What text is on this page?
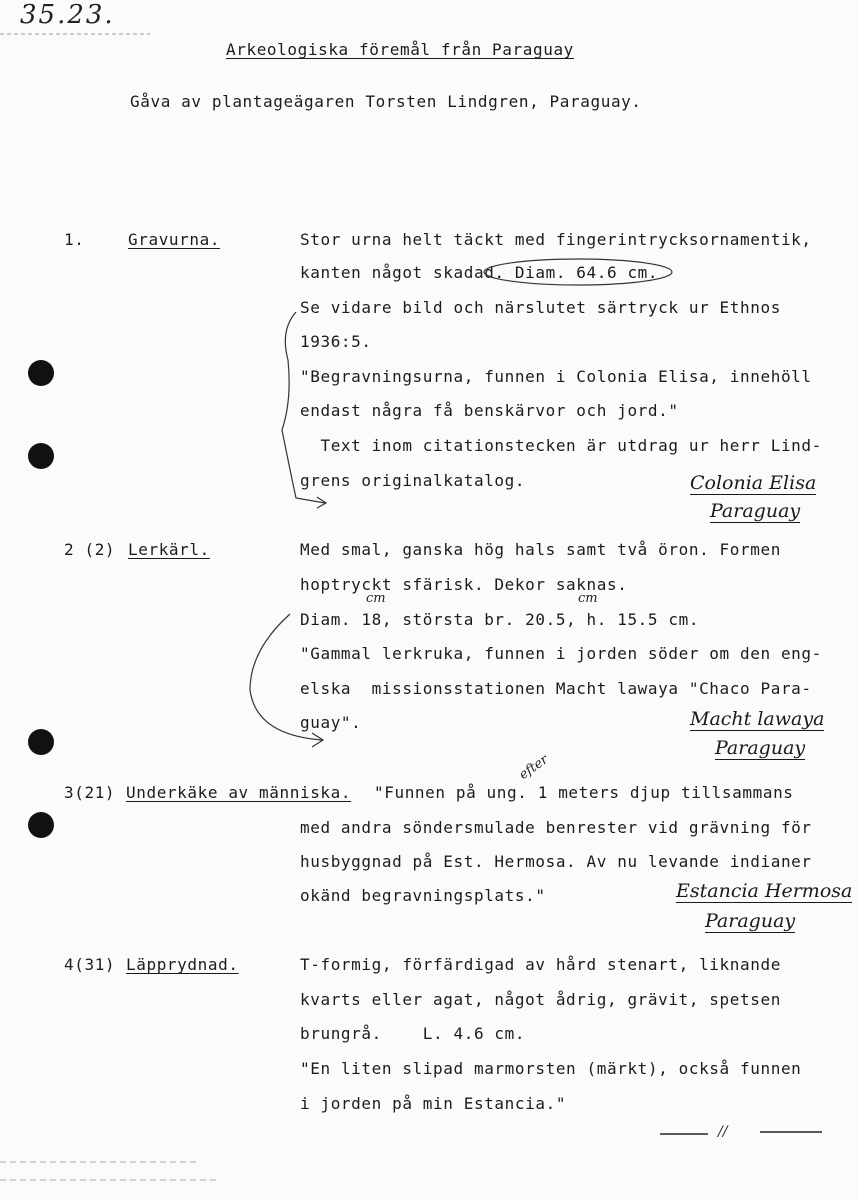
35.23.
Arkeologiska föremål från Paraguay
Gåva av plantageägaren Torsten Lindgren, Paraguay.
1.	Gravurna.	Stor urna helt täckt med fingerintrycksornamentik,
kanten något skadad. Diam. 64.6 cm.
Se vidare bild och närslutet särtryck ur Ethnos
1936:5.
"Begravningsurna, funnen i Colonia Elisa, innehöll
endast några få benskärvor och jord."
Text inom citationstecken är utdrag ur herr Lind-
grens originalkatalog.	Colonia Elisa
Paraguay
2 (2) Lerkärl.	Med smal, ganska hög hals samt två öron. Formen
hoptryckt sfärisk. Dekor saknas.
Diam. 18, största br. 20.5, h. 15.5 cm.
"Gammal lerkruka, funnen i jorden söder om den eng-
elska  missionsstationen Macht lawaya "Chaco Para-
guay".
cm	cm
Macht lawaya
Paraguay
3(21) Underkäke av människa. "Funnen på ung. 1 meters djup tillsammans
med andra söndersmulade benrester vid grävning för
husbyggnad på Est. Hermosa. Av nu levande indianer
okänd begravningsplats."
efter
Estancia Hermosa
Paraguay
4(31) Läpprydnad.	T-formig, förfärdigad av hård stenart, liknande
kvarts eller agat, något ådrig, grävit, spetsen
brungrå.    L. 4.6 cm.
"En liten slipad marmorsten (märkt), också funnen
i jorden på min Estancia."
//
